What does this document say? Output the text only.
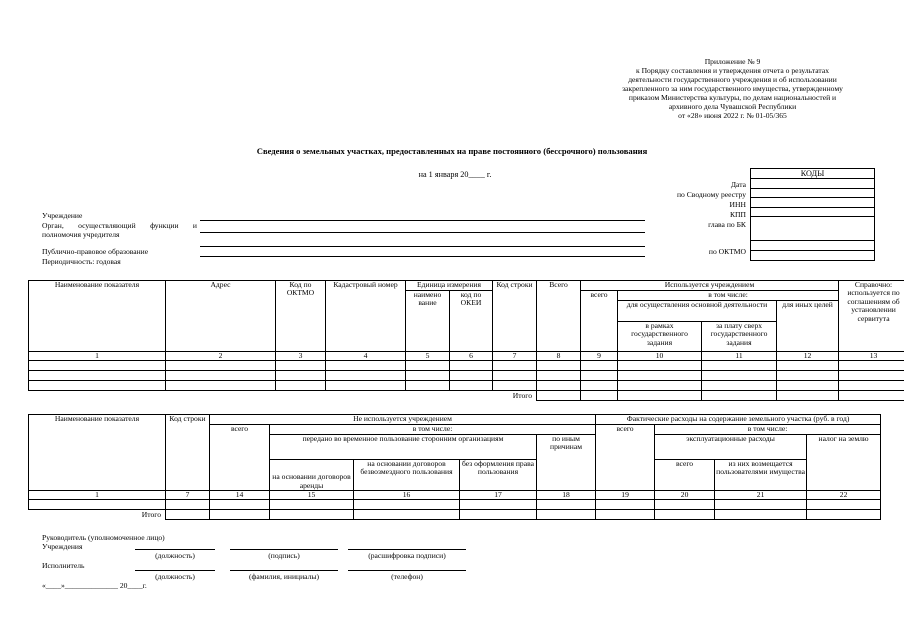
Приложение № 9
к Порядку составления и утверждения отчета о результатах
деятельности государственного учреждения и об использовании
закрепленного за ним государственного имущества, утвержденному
приказом Министерства культуры, по делам национальностей и
архивного дела Чувашской Республики
от «28» июня 2022 г. № 01-05/365
Сведения о земельных участках, предоставленных на праве постоянного (бессрочного) пользования
на 1 января 20____ г.	КОДЫ

Дата
по Сводному реестру
ИНН
КПП
глава по БК
по ОКТМО
Учреждение
Орган, осуществляющий функции и
полномочия учредителя
Публично-правовое образование
Периодичность: годовая
Наименование показателя	Адрес	Код по ОКТМО	Кадастровый номер	Единица измерения		Код строки	Всего	Используется учреждением				Справочно: используется по соглашениям об установлении сервитута
				наимено вание	код по ОКЕИ			всего	в том числе:			
									для осуществления основной деятельности		для иных целей	
									в рамках государственного задания	за плату сверх государственного задания		
1	2	3	4	5	6	7	8	9	10	11	12	13

						Итого						
Наименование показателя	Код строки	Не используется учреждением					Фактические расходы на содержание земельного участка (руб. в год)			
		всего	в том числе:				всего	в том числе:		
			передано во временное пользование сторонним организациям			по иным причинам		эксплуатационные расходы		налог на землю
			на основании договоров аренды	на основании договоров безвозмездного пользования	без оформления права пользования			всего	из них возмещается пользователями имущества	
1	7	14	15	16	17	18	19	20	21	22

Итого										
Руководитель (уполномоченное лицо)
Учреждения
(должность)	(подпись)	(расшифровка подписи)
Исполнитель
(должность)	(фамилия, инициалы)	(телефон)
«____»______________ 20____г.
